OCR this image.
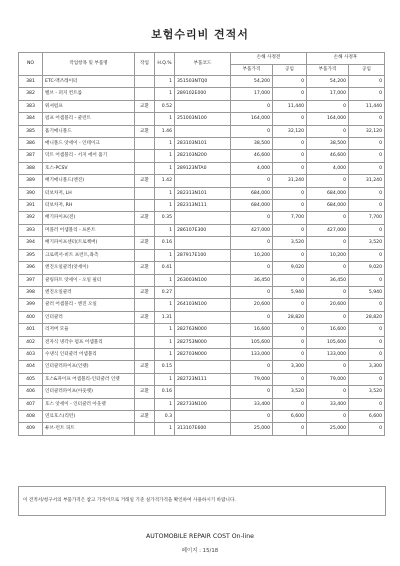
보험수리비 견적서
NO	작업항목 및 부품명	작업	H.Q.%	부품코드	손해 사정전		손해 사정후	
					부품가격	공임	부품가격	공임
381	ETC-맥즈레이터		1	351503NTQ0	54,200	0	54,200	0
382	벨브 - 퍼지 컨트롤		1	289102E000	17,000	0	17,000	0
383	워셔펌프	교환	0.52		0	11,440	0	11,440
384	펌프 어셈블리 - 쿨런트		1	251003N100	164,000	0	164,000	0
385	흡기매니폴드	교환	1.46		0	32,120	0	32,120
386	매니폴드 앗세이 - 인테이크		1	283103N101	38,500	0	38,500	0
387	덕트 어셈블리 - 서지 에어 흡기		1	282103N200	46,600	0	46,600	0
388	호스-PCSV		1	289123NTA0	4,000	0	4,000	0
389	배기매니폴드(엔진)	교환	1.42		0	31,240	0	31,240
390	터보차저, LH		1	282313N101	684,000	0	684,000	0
391	터보차저, RH		1	282313N111	684,000	0	684,000	0
392	배기파이프(전)	교환	0.35		0	7,700	0	7,700
393	머플러 어셈블리 - 프론트		1	286107E300	427,000	0	427,000	0
394	배기파이프센터(트로첵버)	교환	0.16		0	3,520	0	3,520
395	크로펙서-비트 프런트,좌측		1	287917E100	10,200	0	10,200	0
396	엔진오일쿨러(앗세이)	교환	0.41		0	9,020	0	9,020
397	쿨링파트 앗세이 - 오일 필터		1	263003N100	36,450	0	36,450	0
398	엔진오일쿨러	교환	0.27		0	5,940	0	5,940
399	쿨러 어셈블리 - 엔진 오일		1	264103N100	20,600	0	20,600	0
400	인터쿨러	교환	1.31		0	28,820	0	28,820
401	리저버 모듈		1	282763N000	16,600	0	16,600	0
402	전자식 냉각수 펌프 어셈블리		1	282753N000	105,600	0	105,600	0
403	수냉식 인터쿨러 어셈블리		1	282703N000	133,000	0	133,000	0
404	인터쿨러파이프(인렛)	교환	0.15		0	3,300	0	3,300
405	호스&파이프 어셈블리-인터쿨러 인렛		1	282723N111	79,000	0	79,000	0
406	인터쿨러파이프(아웃렛)	교환	0.16		0	3,520	0	3,520
407	호스 앗세이 - 인터쿨러 아웃렛		1	282733N100	33,400	0	33,400	0
408	연료호스(리턴)	교환	0.3		0	6,600	0	6,600
409	튜브-런트 피트		1	313107E600	25,000	0	25,000	0
이 견적서/청구서의 부품가격은 참고 가격이므로 거래일 기준 실가격가격을 확인하여 사용하시기 바랍니다.
AUTOMOBILE REPAIR COST On-line
페이지 : 15/18
